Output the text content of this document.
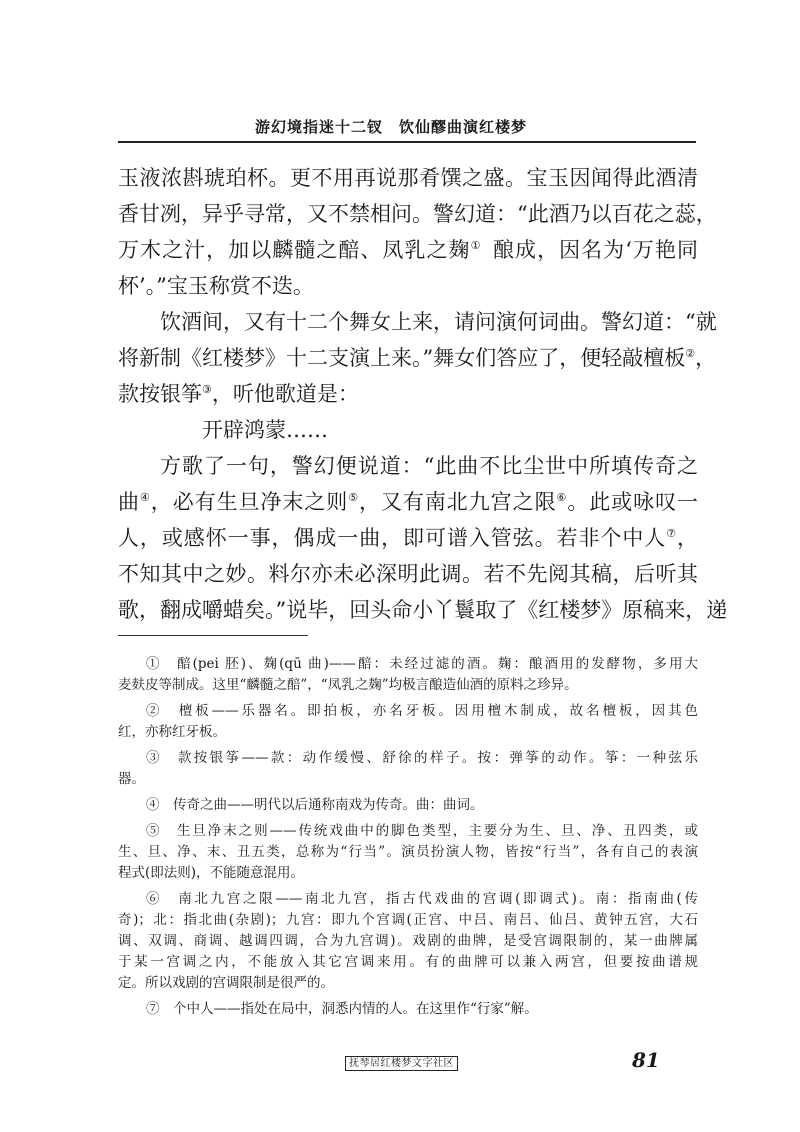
游幻境指迷十二钗　饮仙醪曲演红楼梦
玉液浓斟琥珀杯。更不用再说那肴馔之盛。宝玉因闻得此酒清
香甘冽，异乎寻常，又不禁相问。警幻道：“此酒乃以百花之蕊，
万木之汁，加以麟髓之醅、凤乳之麹①  酿成，因名为‘万艳同
杯’。”宝玉称赏不迭。
饮酒间，又有十二个舞女上来，请问演何词曲。警幻道：“就
将新制《红楼梦》十二支演上来。”舞女们答应了，便轻敲檀板②，
款按银筝③，听他歌道是：
开辟鸿蒙……
方歌了一句，警幻便说道：“此曲不比尘世中所填传奇之
曲④，必有生旦净末之则⑤，又有南北九宫之限⑥。此或咏叹一
人，或感怀一事，偶成一曲，即可谱入管弦。若非个中人⑦，
不知其中之妙。料尔亦未必深明此调。若不先阅其稿，后听其
歌，翻成嚼蜡矣。”说毕，回头命小丫鬟取了《红楼梦》原稿来，递
①　醅(pei 胚)、麹(qū 曲)——醅：未经过滤的酒。麹：酿酒用的发酵物，多用大
麦麸皮等制成。这里“麟髓之醅”，“凤乳之麹”均极言酿造仙酒的原料之珍异。
②　檀板——乐器名。即拍板，亦名牙板。因用檀木制成，故名檀板，因其色
红，亦称红牙板。
③　款按银筝——款：动作缓慢、舒徐的样子。按：弹筝的动作。筝：一种弦乐
器。
④　传奇之曲——明代以后通称南戏为传奇。曲：曲词。
⑤　生旦净末之则——传统戏曲中的脚色类型，主要分为生、旦、净、丑四类，或
生、旦、净、末、丑五类，总称为“行当”。演员扮演人物，皆按“行当”，各有自己的表演
程式(即法则)，不能随意混用。
⑥　南北九宫之限——南北九宫，指古代戏曲的宫调(即调式)。南：指南曲(传
奇)；北：指北曲(杂剧)；九宫：即九个宫调(正宫、中吕、南吕、仙吕、黄钟五宫，大石
调、双调、商调、越调四调，合为九宫调)。戏剧的曲牌，是受宫调限制的，某一曲牌属
于某一宫调之内，不能放入其它宫调来用。有的曲牌可以兼入两宫，但要按曲谱规
定。所以戏剧的宫调限制是很严的。
⑦　个中人——指处在局中，洞悉内情的人。在这里作“行家”解。
抚琴居红楼梦文字社区	81
